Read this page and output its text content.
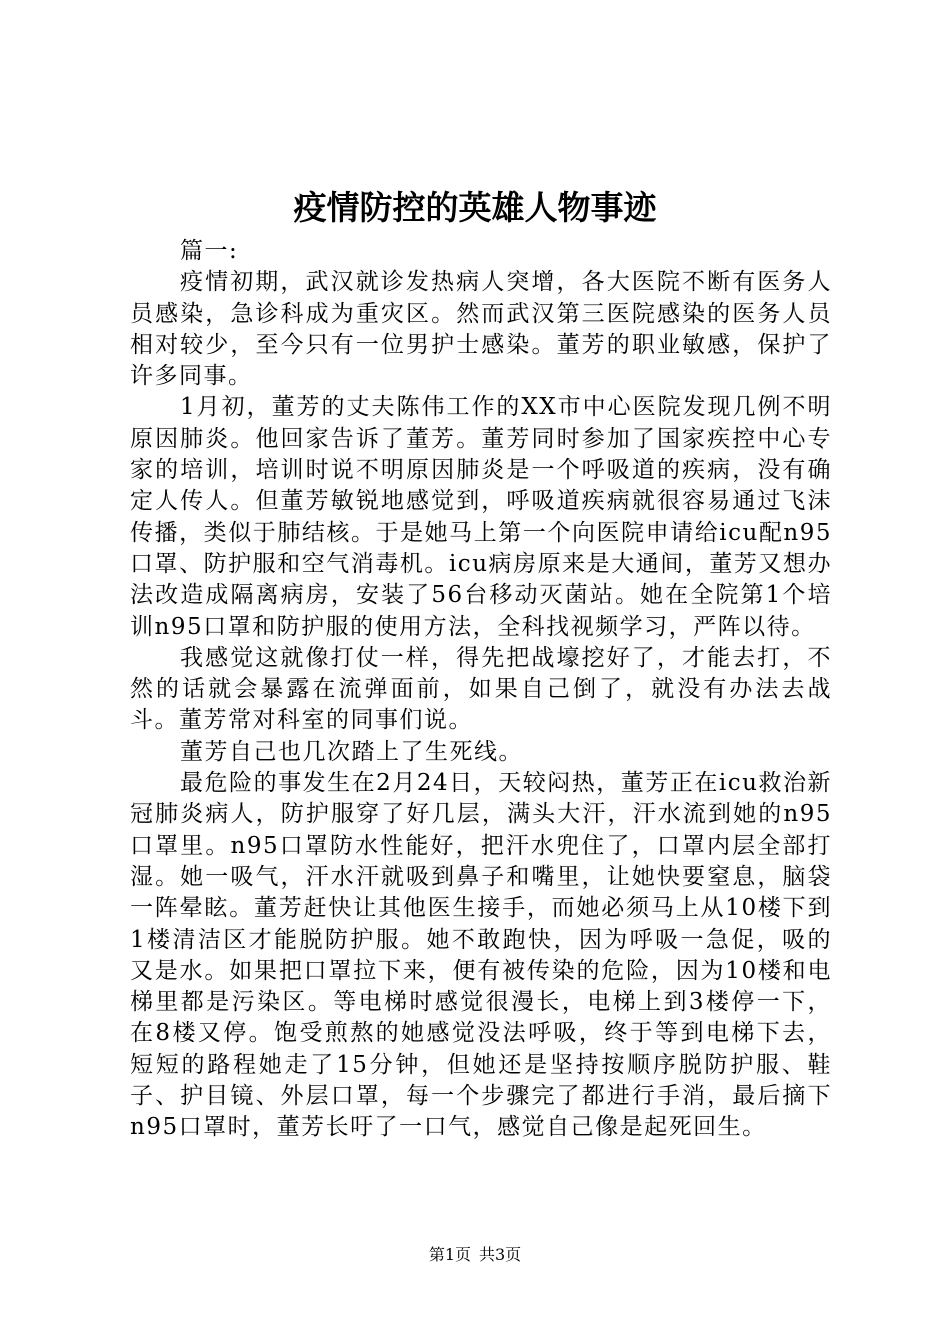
疫情防控的英雄人物事迹

篇一:

疫情初期，武汉就诊发热病人突增，各大医院不断有医务人员感染，急诊科成为重灾区。然而武汉第三医院感染的医务人员相对较少，至今只有一位男护士感染。董芳的职业敏感，保护了许多同事。

1月初，董芳的丈夫陈伟工作的XX市中心医院发现几例不明原因肺炎。他回家告诉了董芳。董芳同时参加了国家疾控中心专家的培训，培训时说不明原因肺炎是一个呼吸道的疾病，没有确定人传人。但董芳敏锐地感觉到，呼吸道疾病就很容易通过飞沫传播，类似于肺结核。于是她马上第一个向医院申请给icu配n95口罩、防护服和空气消毒机。icu病房原来是大通间，董芳又想办法改造成隔离病房，安装了56台移动灭菌站。她在全院第1个培训n95口罩和防护服的使用方法，全科找视频学习，严阵以待。

我感觉这就像打仗一样，得先把战壕挖好了，才能去打，不然的话就会暴露在流弹面前，如果自己倒了，就没有办法去战斗。董芳常对科室的同事们说。

董芳自己也几次踏上了生死线。

最危险的事发生在2月24日，天较闷热，董芳正在icu救治新冠肺炎病人，防护服穿了好几层，满头大汗，汗水流到她的n95口罩里。n95口罩防水性能好，把汗水兜住了，口罩内层全部打湿。她一吸气，汗水汗就吸到鼻子和嘴里，让她快要窒息，脑袋一阵晕眩。董芳赶快让其他医生接手，而她必须马上从10楼下到1楼清洁区才能脱防护服。她不敢跑快，因为呼吸一急促，吸的又是水。如果把口罩拉下来，便有被传染的危险，因为10楼和电梯里都是污染区。等电梯时感觉很漫长，电梯上到3楼停一下，在8楼又停。饱受煎熬的她感觉没法呼吸，终于等到电梯下去，短短的路程她走了15分钟，但她还是坚持按顺序脱防护服、鞋子、护目镜、外层口罩，每一个步骤完了都进行手消，最后摘下n95口罩时，董芳长吁了一口气，感觉自己像是起死回生。

第1页 共3页
